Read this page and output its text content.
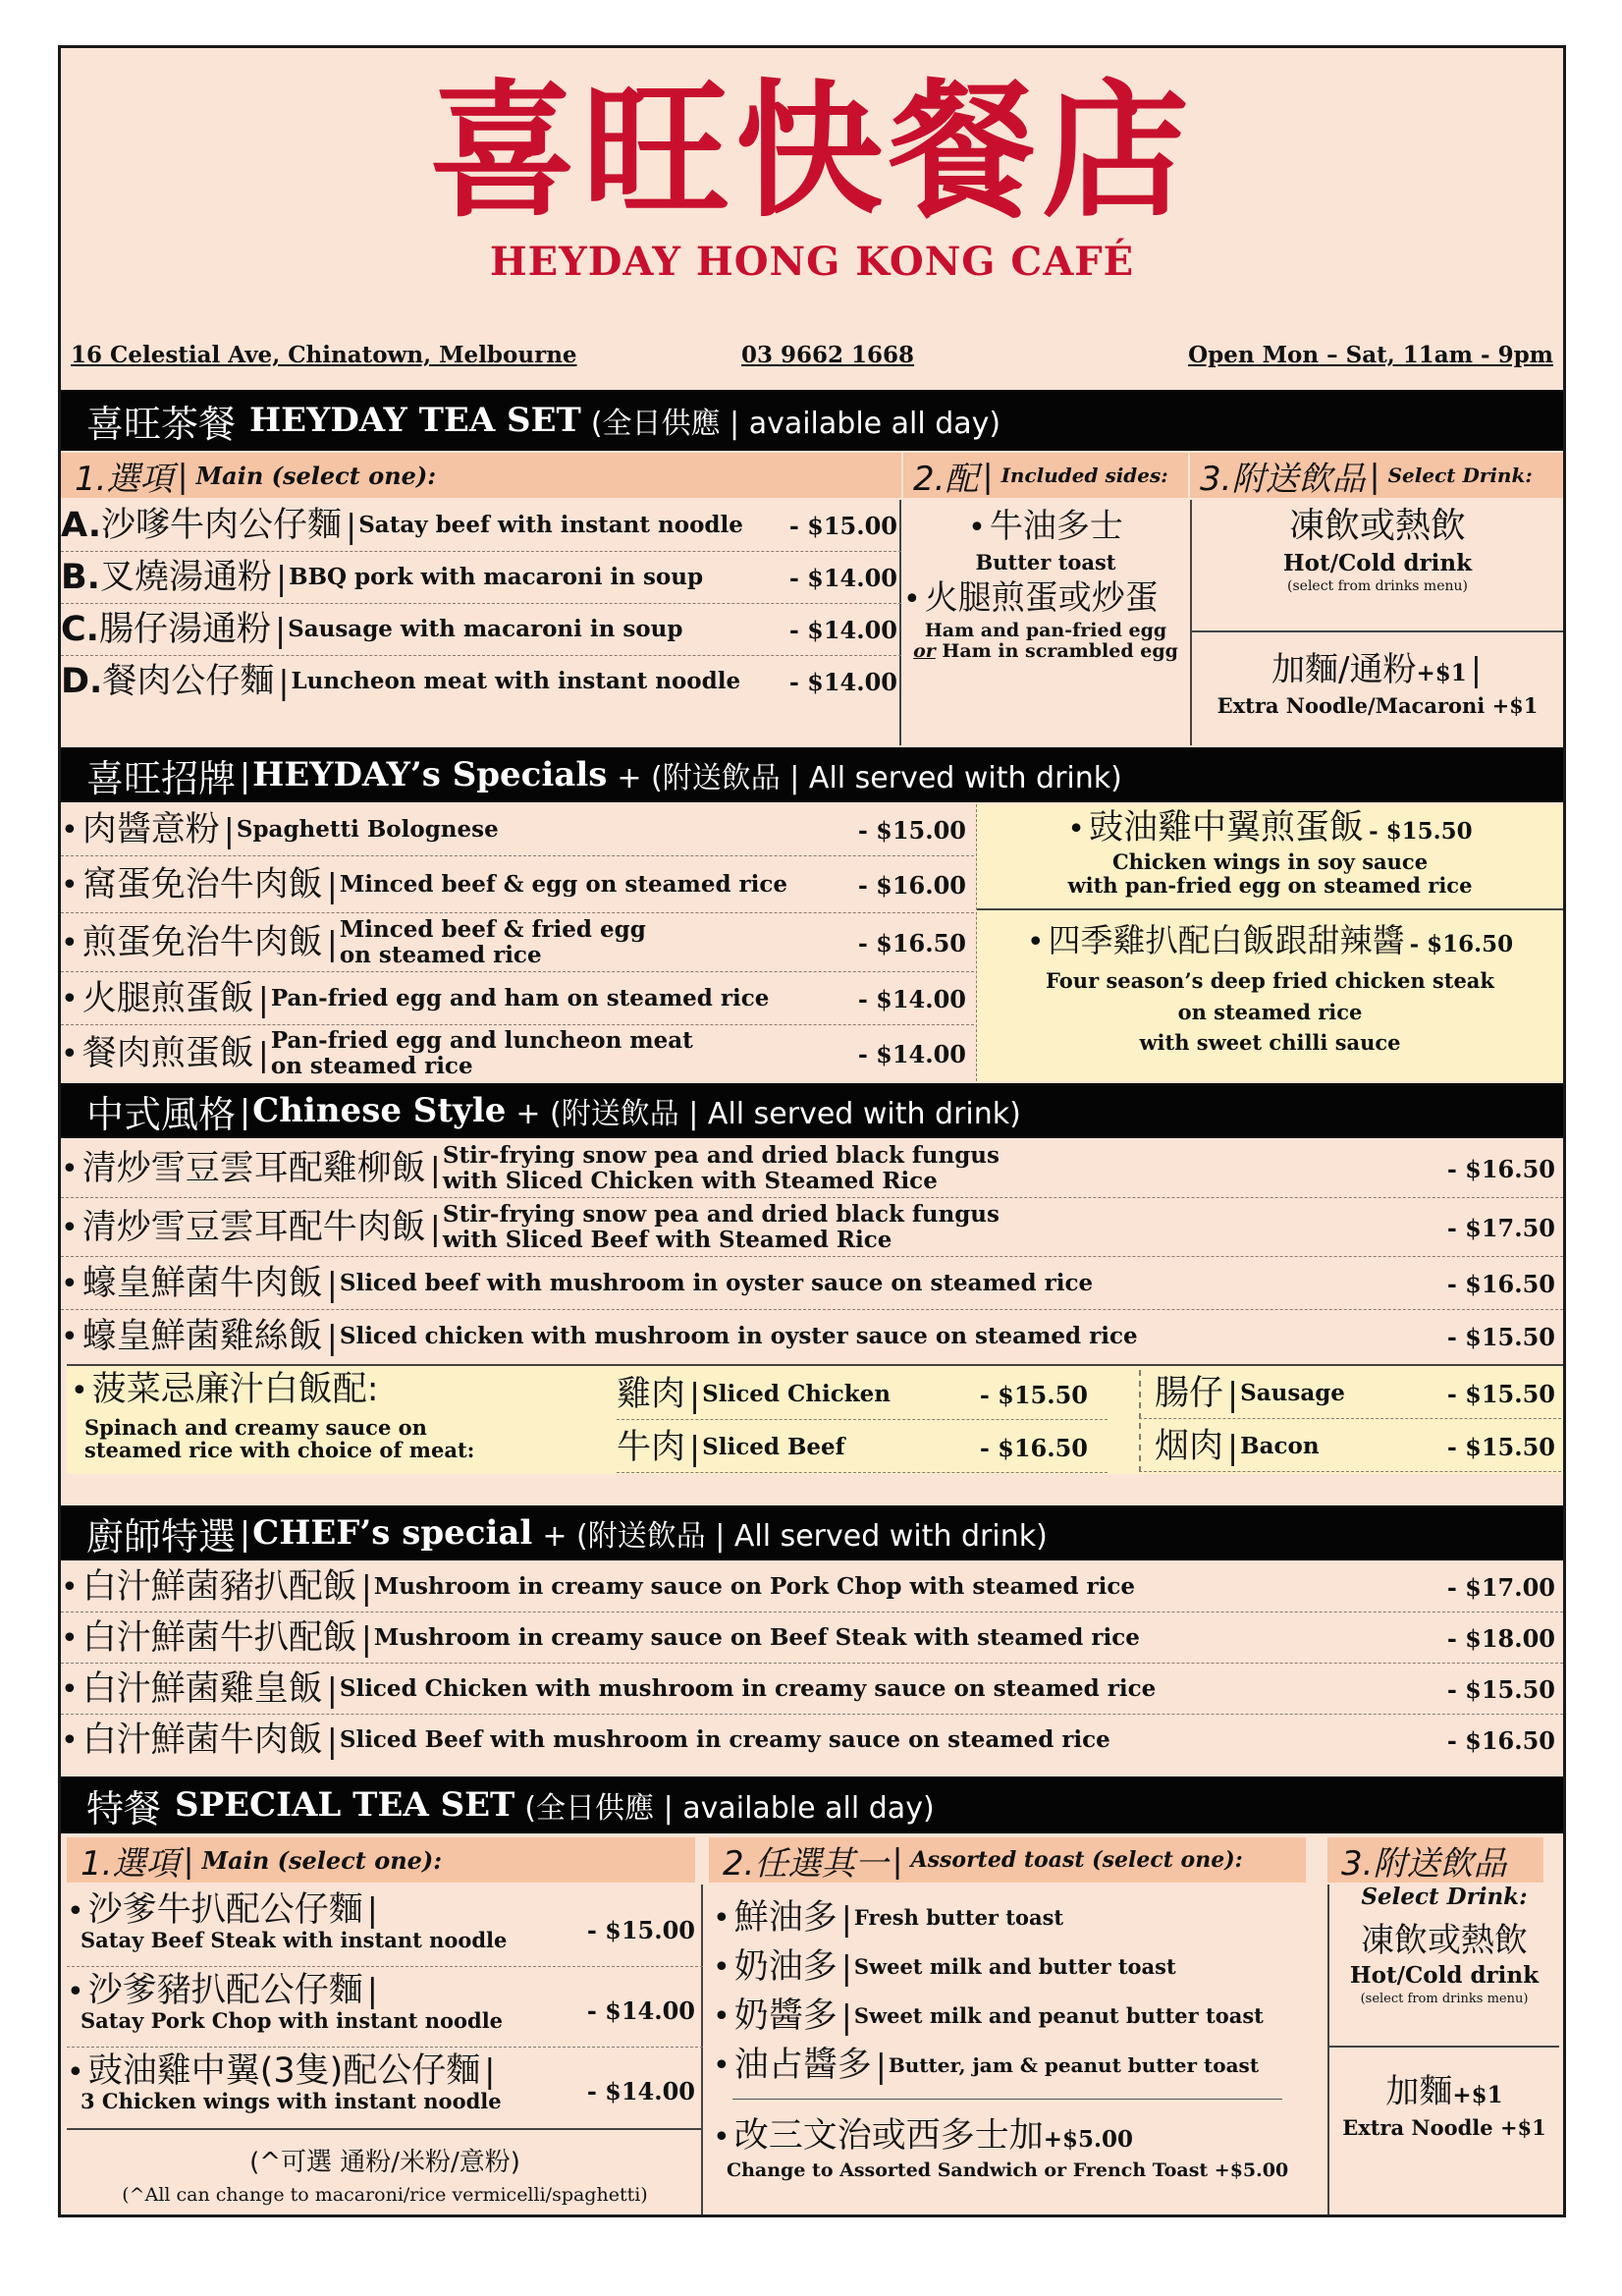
喜旺快餐店
HEYDAY HONG KONG CAFÉ
16 Celestial Ave, Chinatown, Melbourne	03 9662 1668	Open Mon – Sat, 11am - 9pm
喜旺茶餐 HEYDAY TEA SET (全日供應 | available all day)
1.選項 | Main (select one):	2.配 | Included sides: 3.附送飲品 | Select Drink:
A. 沙嗲牛肉公仔麵 | Satay beef with instant noodle - $15.00
B. 叉燒湯通粉 | BBQ pork with macaroni in soup	- $14.00
C. 腸仔湯通粉 | Sausage with macaroni in soup	- $14.00
D. 餐肉公仔麵 | Luncheon meat with instant noodle - $14.00
• 牛油多士
Butter toast
• 火腿煎蛋或炒蛋
Ham and pan-fried egg
or Ham in scrambled egg
凍飲或熱飲
Hot/Cold drink
(select from drinks menu)
加麵/通粉+$1 |
Extra Noodle/Macaroni +$1
喜旺招牌 | HEYDAY’s Specials + (附送飲品 | All served with drink)
• 肉醬意粉 | Spaghetti Bolognese	- $15.00
• 窩蛋免治牛肉飯 | Minced beef & egg on steamed rice	- $16.00
• 煎蛋免治牛肉飯 | Minced beef & fried egg
on steamed rice	- $16.50
• 火腿煎蛋飯 | Pan-fried egg and ham on steamed rice	- $14.00
• 餐肉煎蛋飯 | Pan-fried egg and luncheon meat
on steamed rice	- $14.00
• 豉油雞中翼煎蛋飯 - $15.50
Chicken wings in soy sauce
with pan-fried egg on steamed rice
• 四季雞扒配白飯跟甜辣醬 - $16.50
Four season’s deep fried chicken steak
on steamed rice
with sweet chilli sauce
中式風格 | Chinese Style + (附送飲品 | All served with drink)
• 清炒雪豆雲耳配雞柳飯 | Stir-frying snow pea and dried black fungus
with Sliced Chicken with Steamed Rice	- $16.50
• 清炒雪豆雲耳配牛肉飯 | Stir-frying snow pea and dried black fungus
with Sliced Beef with Steamed Rice	- $17.50
• 蠔皇鮮菌牛肉飯 | Sliced beef with mushroom in oyster sauce on steamed rice	- $16.50
• 蠔皇鮮菌雞絲飯 | Sliced chicken with mushroom in oyster sauce on steamed rice	- $15.50
• 菠菜忌廉汁白飯配:
Spinach and creamy sauce on
steamed rice with choice of meat:
雞肉 | Sliced Chicken	- $15.50 腸仔 | Sausage	- $15.50
牛肉 | Sliced Beef	- $16.50 烟肉 | Bacon	- $15.50
廚師特選 | CHEF’s special + (附送飲品 | All served with drink)
• 白汁鮮菌豬扒配飯 | Mushroom in creamy sauce on Pork Chop with steamed rice	- $17.00
• 白汁鮮菌牛扒配飯 | Mushroom in creamy sauce on Beef Steak with steamed rice	- $18.00
• 白汁鮮菌雞皇飯 | Sliced Chicken with mushroom in creamy sauce on steamed rice	- $15.50
• 白汁鮮菌牛肉飯 | Sliced Beef with mushroom in creamy sauce on steamed rice	- $16.50
特餐 SPECIAL TEA SET (全日供應 | available all day)
1.選項 | Main (select one):	2.任選其一 | Assorted toast (select one):	3.附送飲品
• 沙爹牛扒配公仔麵 |
Satay Beef Steak with instant noodle	- $15.00
• 沙爹豬扒配公仔麵 |
Satay Pork Chop with instant noodle	- $14.00
• 豉油雞中翼(3隻)配公仔麵 |
3 Chicken wings with instant noodle	- $14.00
(^可選 通粉/米粉/意粉)
(^All can change to macaroni/rice vermicelli/spaghetti)
• 鮮油多 | Fresh butter toast
• 奶油多 | Sweet milk and butter toast
• 奶醬多 | Sweet milk and peanut butter toast
• 油占醬多 | Butter, jam & peanut butter toast
• 改三文治或西多士加+$5.00
Change to Assorted Sandwich or French Toast +$5.00
Select Drink:
凍飲或熱飲
Hot/Cold drink
(select from drinks menu)
加麵+$1
Extra Noodle +$1
